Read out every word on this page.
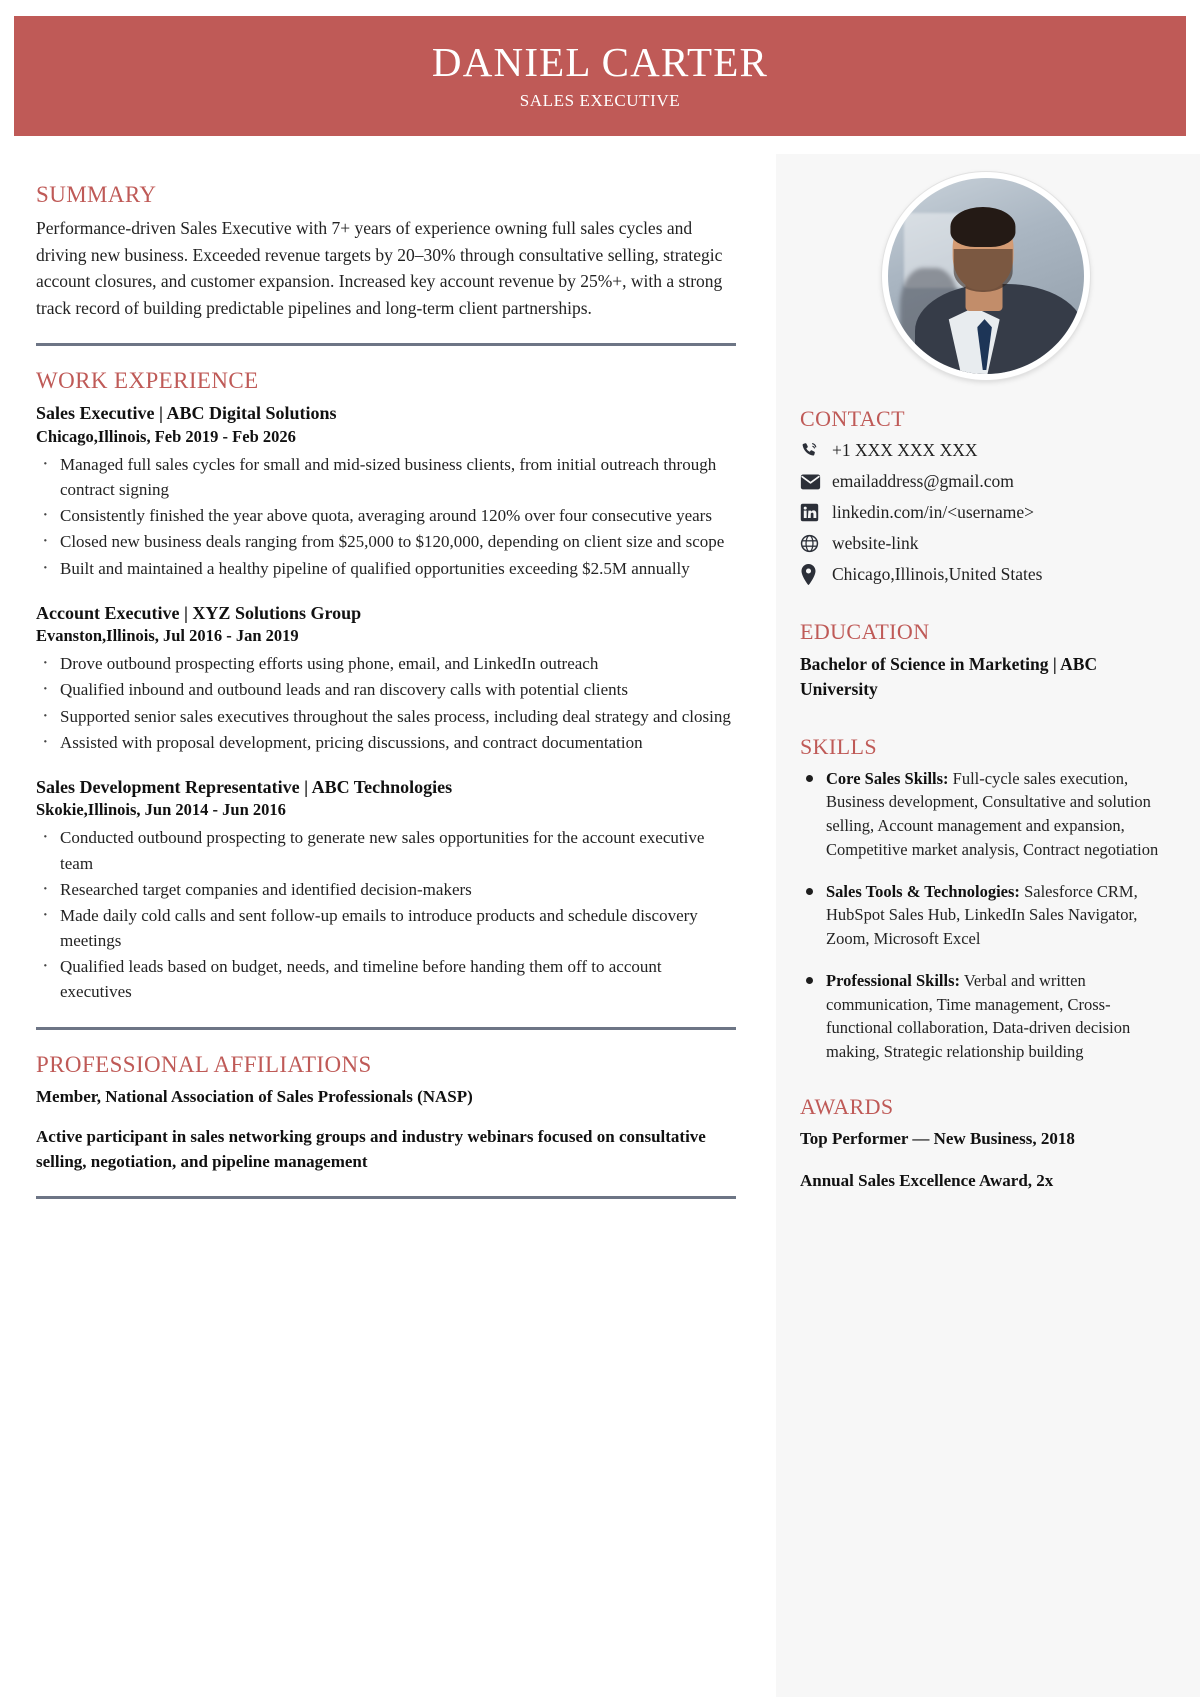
DANIEL CARTER
SALES EXECUTIVE
SUMMARY

Performance-driven Sales Executive with 7+ years of experience owning full sales cycles and driving new business. Exceeded revenue targets by 20–30% through consultative selling, strategic account closures, and customer expansion. Increased key account revenue by 25%+, with a strong track record of building predictable pipelines and long-term client partnerships.

WORK EXPERIENCE
Sales Executive | ABC Digital Solutions
Chicago,Illinois, Feb 2019 - Feb 2026
· Managed full sales cycles for small and mid-sized business clients, from initial outreach through contract signing
· Consistently finished the year above quota, averaging around 120% over four consecutive years
· Closed new business deals ranging from $25,000 to $120,000, depending on client size and scope
· Built and maintained a healthy pipeline of qualified opportunities exceeding $2.5M annually
Account Executive | XYZ Solutions Group
Evanston,Illinois, Jul 2016 - Jan 2019
· Drove outbound prospecting efforts using phone, email, and LinkedIn outreach
· Qualified inbound and outbound leads and ran discovery calls with potential clients
· Supported senior sales executives throughout the sales process, including deal strategy and closing
· Assisted with proposal development, pricing discussions, and contract documentation
Sales Development Representative | ABC Technologies
Skokie,Illinois, Jun 2014 - Jun 2016
· Conducted outbound prospecting to generate new sales opportunities for the account executive team
· Researched target companies and identified decision-makers
· Made daily cold calls and sent follow-up emails to introduce products and schedule discovery meetings
· Qualified leads based on budget, needs, and timeline before handing them off to account executives
PROFESSIONAL AFFILIATIONS
Member, National Association of Sales Professionals (NASP)
Active participant in sales networking groups and industry webinars focused on consultative selling, negotiation, and pipeline management
CONTACT
+1 XXX XXX XXX
emailaddress@gmail.com
linkedin.com/in/<username>
website-link
Chicago,Illinois,United States
EDUCATION
Bachelor of Science in Marketing | ABC University
SKILLS
Core Sales Skills: Full-cycle sales execution, Business development, Consultative and solution selling, Account management and expansion, Competitive market analysis, Contract negotiation
Sales Tools & Technologies: Salesforce CRM, HubSpot Sales Hub, LinkedIn Sales Navigator, Zoom, Microsoft Excel
Professional Skills: Verbal and written communication, Time management, Cross-functional collaboration, Data-driven decision making, Strategic relationship building
AWARDS
Top Performer — New Business, 2018
Annual Sales Excellence Award, 2x
